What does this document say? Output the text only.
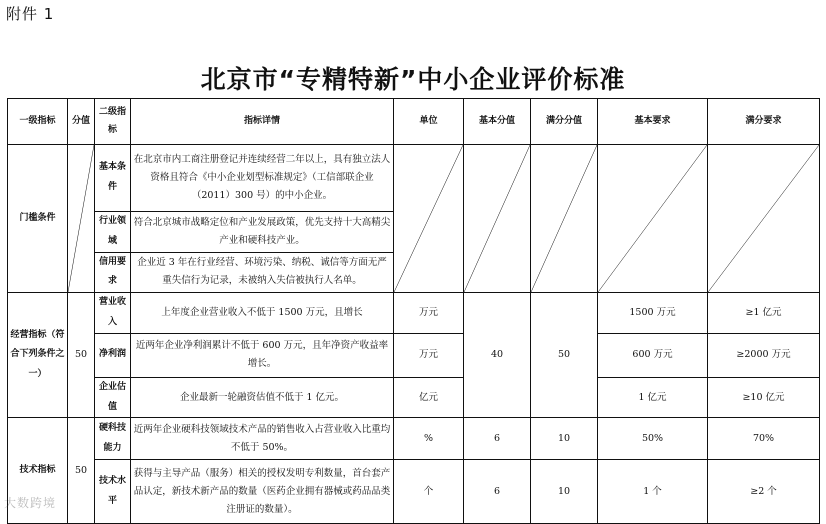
附件 1
北京市“专精特新”中小企业评价标准
一级指标	分值	二级指标	指标详情	单位	基本分值	满分分值	基本要求	满分要求
门槛条件		基本条件	在北京市内工商注册登记并连续经营二年以上，具有独立法人资格且符合《中小企业划型标准规定》（工信部联企业（2011）300 号）的中小企业。	

		行业领域	符合北京城市战略定位和产业发展政策，优先支持十大高精尖产业和硬科技产业。					
		信用要求	企业近 3 年在行业经营、环境污染、纳税、诚信等方面无严重失信行为记录，未被纳入失信被执行人名单。					
经营指标（符合下列条件之一）	50	营业收入	上年度企业营业收入不低于 1500 万元，且增长	万元	40	50	1500 万元	≥1 亿元
		净利润	近两年企业净利润累计不低于 600 万元，且年净资产收益率增长。	万元			600 万元	≥2000 万元
		企业估值	企业最新一轮融资估值不低于 1 亿元。	亿元			1 亿元	≥10 亿元
技术指标	50	硬科技能力	近两年企业硬科技领域技术产品的销售收入占营业收入比重均不低于 50%。	%	6	10	50%	70%
		技术水平	获得与主导产品（服务）相关的授权发明专利数量，首台套产品认定，新技术新产品的数量（医药企业拥有器械或药品品类注册证的数量）。	个	6	10	1 个	≥2 个
大数跨境
